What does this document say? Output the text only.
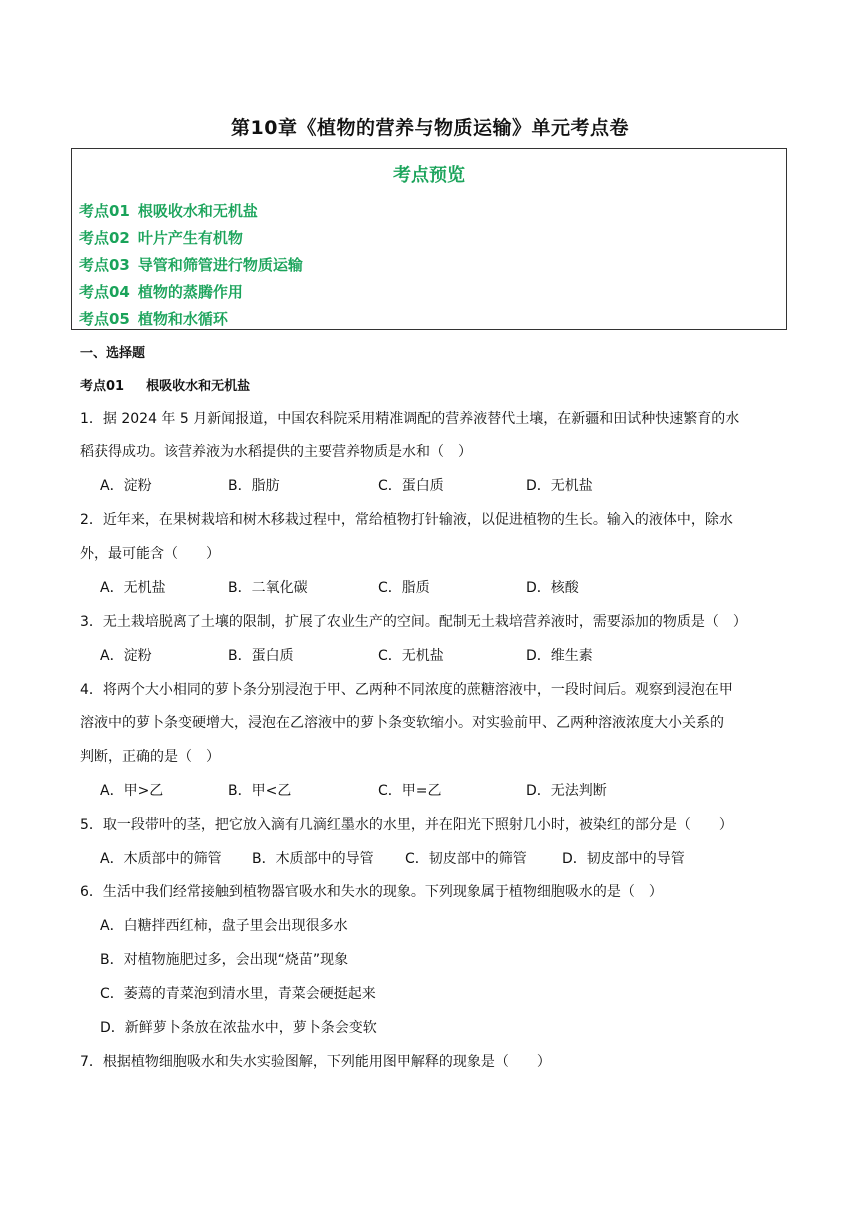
第10章《植物的营养与物质运输》单元考点卷
考点预览
考点01 根吸收水和无机盐
考点02 叶片产生有机物
考点03 导管和筛管进行物质运输
考点04 植物的蒸腾作用
考点05 植物和水循环
一、选择题
考点01 根吸收水和无机盐
1．据 2024 年 5 月新闻报道，中国农科院采用精准调配的营养液替代土壤，在新疆和田试种快速繁育的水
稻获得成功。该营养液为水稻提供的主要营养物质是水和（　）
A．淀粉	B．脂肪	C．蛋白质	D．无机盐
2．近年来，在果树栽培和树木移栽过程中，常给植物打针输液，以促进植物的生长。输入的液体中，除水
外，最可能含（　　）
A．无机盐	B．二氧化碳	C．脂质	D．核酸
3．无土栽培脱离了土壤的限制，扩展了农业生产的空间。配制无土栽培营养液时，需要添加的物质是（　）
A．淀粉	B．蛋白质	C．无机盐	D．维生素
4．将两个大小相同的萝卜条分别浸泡于甲、乙两种不同浓度的蔗糖溶液中，一段时间后。观察到浸泡在甲
溶液中的萝卜条变硬增大，浸泡在乙溶液中的萝卜条变软缩小。对实验前甲、乙两种溶液浓度大小关系的
判断，正确的是（　）
A．甲>乙	B．甲<乙	C．甲=乙	D．无法判断
5．取一段带叶的茎，把它放入滴有几滴红墨水的水里，并在阳光下照射几小时，被染红的部分是（　　）
A．木质部中的筛管 B．木质部中的导管 C．韧皮部中的筛管	D．韧皮部中的导管
6．生活中我们经常接触到植物器官吸水和失水的现象。下列现象属于植物细胞吸水的是（　）
A．白糖拌西红柿，盘子里会出现很多水
B．对植物施肥过多，会出现“烧苗”现象
C．萎蔫的青菜泡到清水里，青菜会硬挺起来
D．新鲜萝卜条放在浓盐水中，萝卜条会变软
7．根据植物细胞吸水和失水实验图解，下列能用图甲解释的现象是（　　）
